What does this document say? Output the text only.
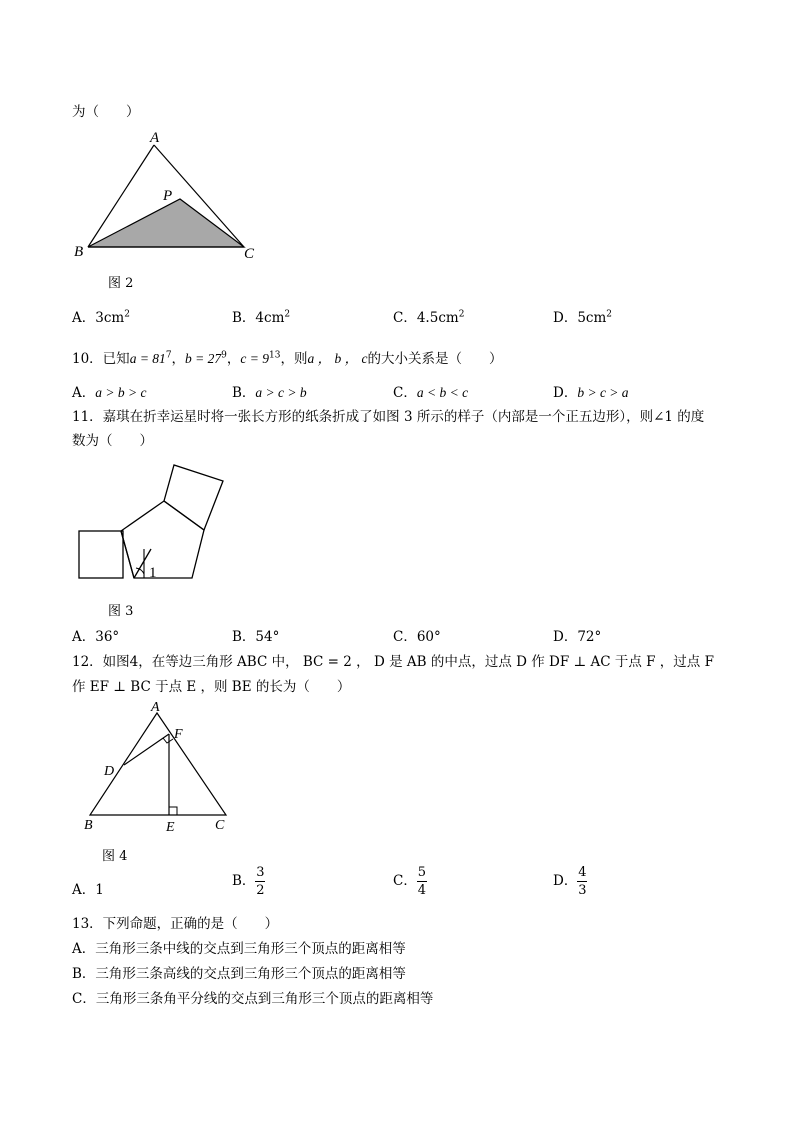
为（　　）
A
P
B	C
图 2
A．$3cm^2$	B．$4cm^2$	C．$4.5cm^2$	D．$5cm^2$
10．已知$a = 81^7$，$b = 27^9$，$c = 9^{13}$，则a ， b ， c的大小关系是（　　）
A．a > b > c	B．a > c > b	C．a < b < c	D．b > c > a
11．嘉琪在折幸运星时将一张长方形的纸条折成了如图 3 所示的样子（内部是一个正五边形），则∠1 的度
数为（　　）
1
图 3
A．36°	B．54°	C．60°	D．72°
12．如图4，在等边三角形 ABC 中， BC = 2 ， D 是 AB 的中点，过点 D 作 DF ⊥ AC 于点 F ，过点 F
作 EF ⊥ BC 于点 E ，则 BE 的长为（　　）
A
F
D
B	E	C
图 4
A．1
B． $\frac{3}{2}$	C． $\frac{5}{4}$	D． $\frac{4}{3}$
13．下列命题，正确的是（　　）
A．三角形三条中线的交点到三角形三个顶点的距离相等
B．三角形三条高线的交点到三角形三个顶点的距离相等
C．三角形三条角平分线的交点到三角形三个顶点的距离相等
